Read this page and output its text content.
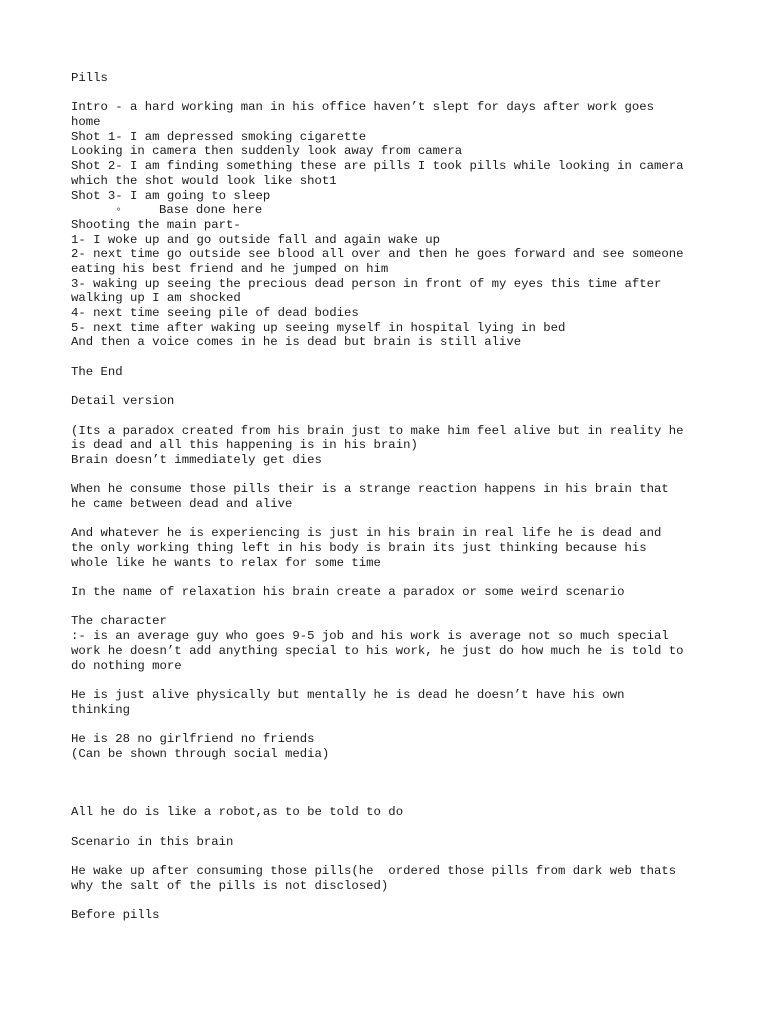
Pills
Intro - a hard working man in his office haven’t slept for days after work goes
home
Shot 1- I am depressed smoking cigarette
Looking in camera then suddenly look away from camera
Shot 2- I am finding something these are pills I took pills while looking in camera
which the shot would look like shot1
Shot 3- I am going to sleep
◦	Base done here
Shooting the main part-
1- I woke up and go outside fall and again wake up
2- next time go outside see blood all over and then he goes forward and see someone
eating his best friend and he jumped on him
3- waking up seeing the precious dead person in front of my eyes this time after
walking up I am shocked
4- next time seeing pile of dead bodies
5- next time after waking up seeing myself in hospital lying in bed
And then a voice comes in he is dead but brain is still alive
The End
Detail version
(Its a paradox created from his brain just to make him feel alive but in reality he
is dead and all this happening is in his brain)
Brain doesn’t immediately get dies
When he consume those pills their is a strange reaction happens in his brain that
he came between dead and alive
And whatever he is experiencing is just in his brain in real life he is dead and
the only working thing left in his body is brain its just thinking because his
whole like he wants to relax for some time
In the name of relaxation his brain create a paradox or some weird scenario
The character
:- is an average guy who goes 9-5 job and his work is average not so much special
work he doesn’t add anything special to his work, he just do how much he is told to
do nothing more
He is just alive physically but mentally he is dead he doesn’t have his own
thinking
He is 28 no girlfriend no friends
(Can be shown through social media)
All he do is like a robot,as to be told to do
Scenario in this brain
He wake up after consuming those pills(he  ordered those pills from dark web thats
why the salt of the pills is not disclosed)
Before pills
